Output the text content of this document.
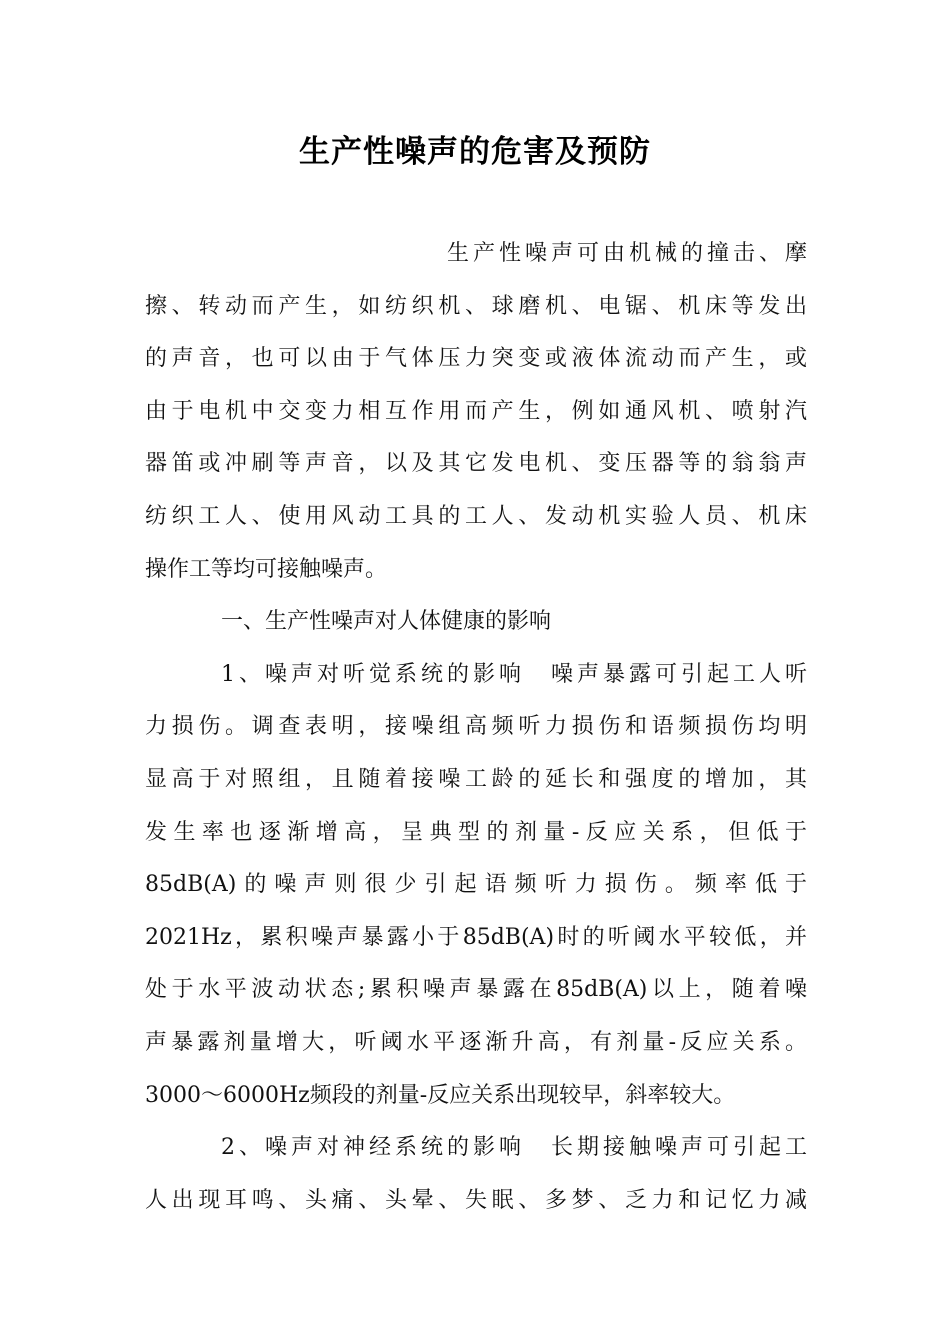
生产性噪声的危害及预防
生产性噪声可由机械的撞击、摩
擦、转动而产生，如纺织机、球磨机、电锯、机床等发出
的声音，也可以由于气体压力突变或液体流动而产生，或
由于电机中交变力相互作用而产生，例如通风机、喷射汽
器笛或冲刷等声音，以及其它发电机、变压器等的翁翁声
纺织工人、使用风动工具的工人、发动机实验人员、机床
操作工等均可接触噪声。
一、生产性噪声对人体健康的影响
1、噪声对听觉系统的影响　噪声暴露可引起工人听
力损伤。调查表明，接噪组高频听力损伤和语频损伤均明
显高于对照组，且随着接噪工龄的延长和强度的增加，其
发生率也逐渐增高，呈典型的剂量-反应关系，但低于
85dB(A)的噪声则很少引起语频听力损伤。频率低于
2021Hz，累积噪声暴露小于85dB(A)时的听阈水平较低，并
处于水平波动状态;累积噪声暴露在85dB(A)以上，随着噪
声暴露剂量增大，听阈水平逐渐升高，有剂量-反应关系。
3000～6000Hz频段的剂量-反应关系出现较早，斜率较大。
2、噪声对神经系统的影响　长期接触噪声可引起工
人出现耳鸣、头痛、头晕、失眠、多梦、乏力和记忆力减
